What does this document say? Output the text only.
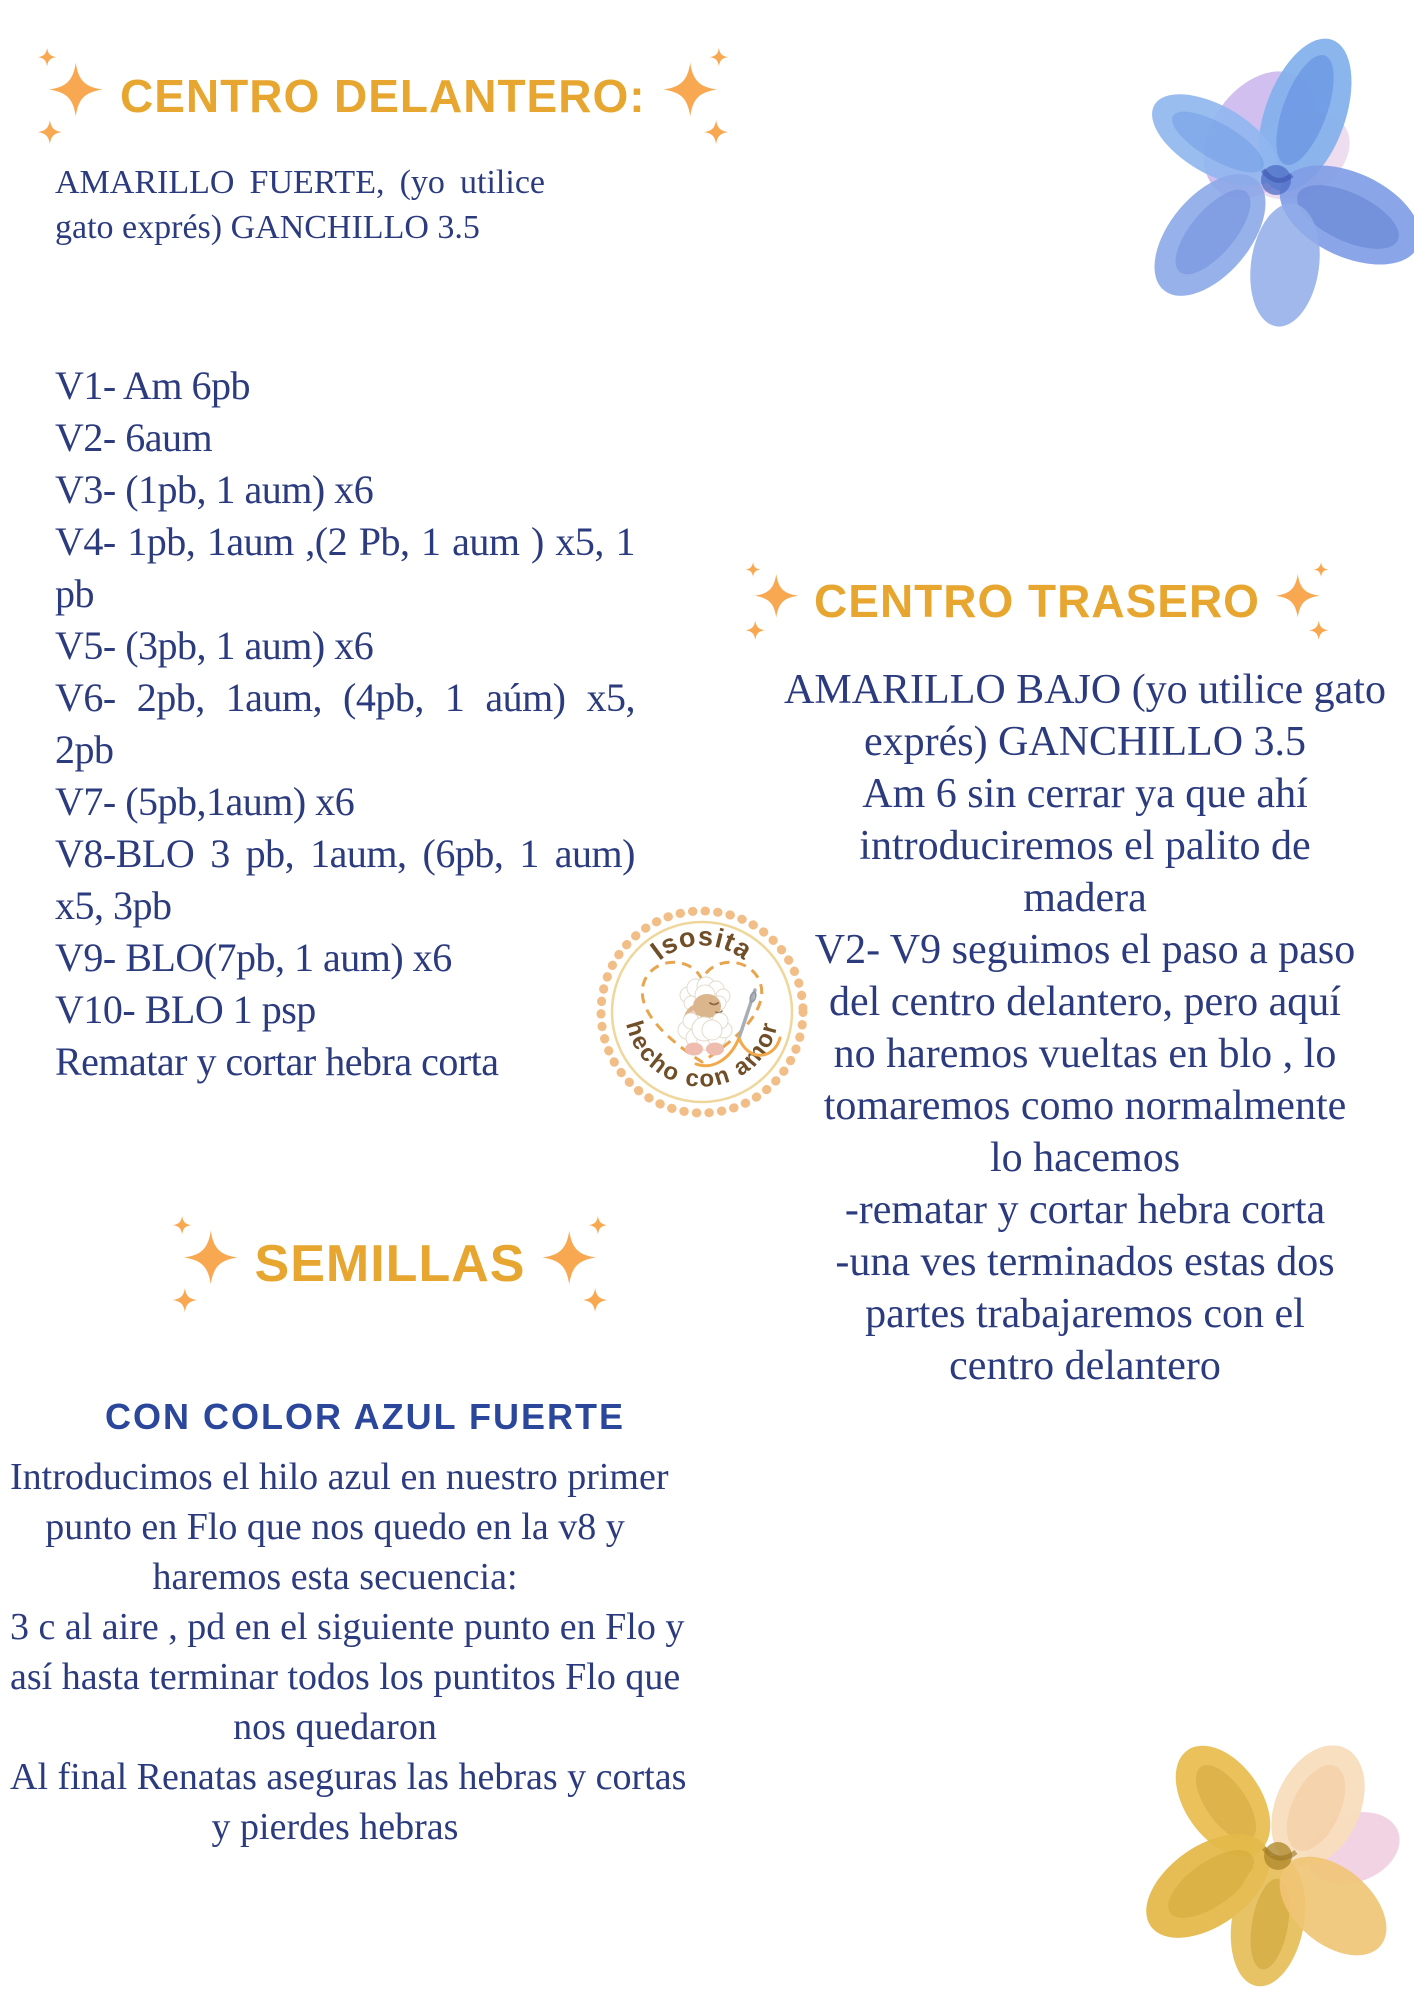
CENTRO DELANTERO:
AMARILLO FUERTE, (yo utilice
gato exprés) GANCHILLO 3.5
V1- Am 6pb
V2- 6aum
V3- (1pb, 1 aum) x6
V4- 1pb, 1aum ,(2 Pb, 1 aum ) x5, 1
pb
V5- (3pb, 1 aum) x6
V6- 2pb, 1aum, (4pb, 1 aúm) x5,
2pb
V7- (5pb,1aum) x6
V8-BLO 3 pb, 1aum, (6pb, 1 aum)
x5, 3pb
V9- BLO(7pb, 1 aum) x6
V10- BLO 1 psp
Rematar y cortar hebra corta
CENTRO TRASERO
AMARILLO BAJO (yo utilice gato
exprés) GANCHILLO 3.5
Am 6 sin cerrar ya que ahí
introduciremos el palito de
madera
V2- V9 seguimos el paso a paso
del centro delantero, pero aquí
no haremos vueltas en blo , lo
tomaremos como normalmente
lo hacemos
-rematar y cortar hebra corta
-una ves terminados estas dos
partes trabajaremos con el
centro delantero
Isosita
hecho con amor
SEMILLAS
CON COLOR AZUL FUERTE
Introducimos el hilo azul en nuestro primer
punto en Flo que nos quedo en la v8 y
haremos esta secuencia:
3 c al aire , pd en el siguiente punto en Flo y
así hasta terminar todos los puntitos Flo que
nos quedaron
Al final Renatas aseguras las hebras y cortas
y pierdes hebras
